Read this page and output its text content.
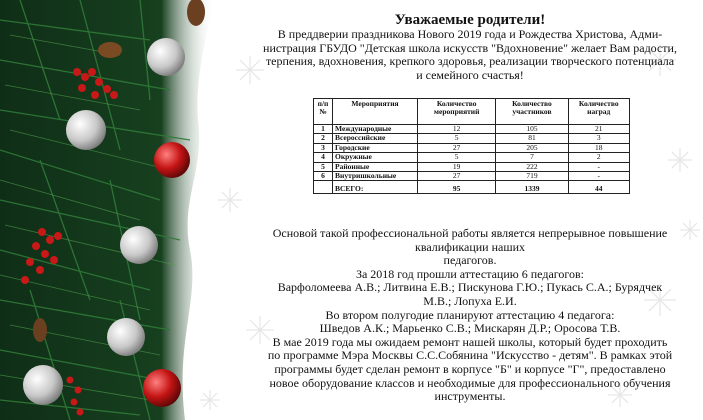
Уважаемые родители!
В преддверии праздникова Нового 2019 года и Рождества Христова, Адми-
нистрация ГБУДО "Детская школа искусств "Вдохновение" желает Вам радости,
терпения, вдохновения, крепкого здоровья, реализации творческого потенциала
и семейного счастья!
п/п №	Мероприятия	Количество мероприятий	Количество участников	Количество наград
1	Международные	12	105	21
2	Всероссийские	5	81	3
3	Городские	27	205	18
4	Окружные	5	7	2
5	Районные	19	222	-
6	Внутришкольные	27	719	-
	ВСЕГО:	95	1339	44

Основой такой профессиональной работы является непрерывное повышение

квалификации наших

педагогов.

За 2018 год прошли аттестацию 6 педагогов:

Варфоломеева А.В.; Литвина Е.В.; Пискунова Г.Ю.; Пукась С.А.; Бурядчек

М.В.; Лопуха Е.И.

Во втором полугодие планируют аттестацию 4 педагога:

Шведов А.К.; Марьенко С.В.; Мискарян Д.Р.; Оросова Т.В.

В мае 2019 года мы ожидаем ремонт нашей школы, который будет проходить

по программе Мэра Москвы С.С.Собянина "Искусство - детям". В рамках этой

программы будет сделан ремонт в корпусе "Б" и корпусе "Г", предоставлено

новое оборудование классов и необходимые для профессионального обучения

инструменты.
